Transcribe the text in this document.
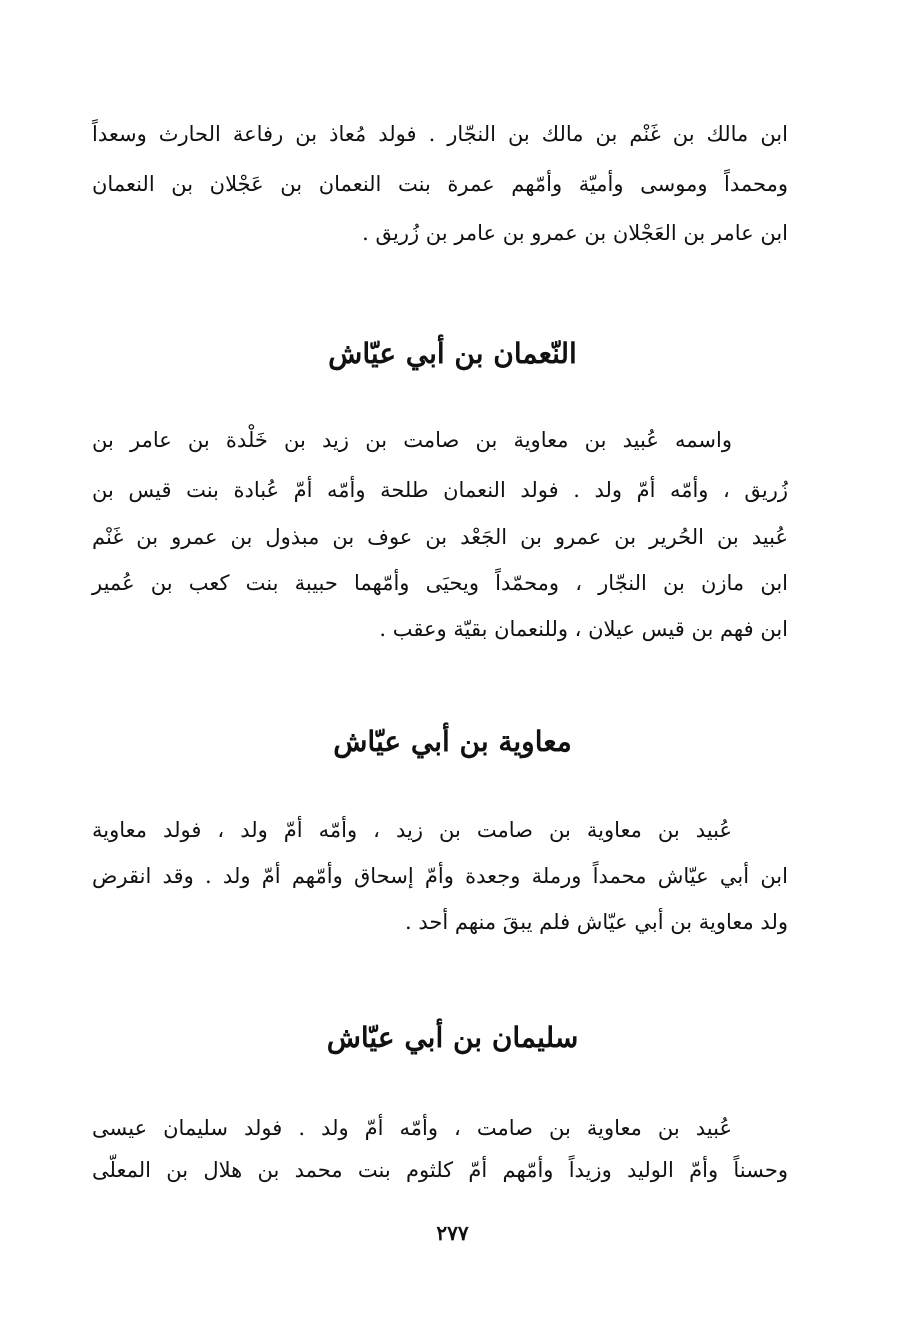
ابن مالك بن غَنْم بن مالك بن النجّار . فولد مُعاذ بن رفاعة الحارث وسعداً
ومحمداً وموسى وأميّة وأمّهم عمرة بنت النعمان بن عَجْلان بن النعمان
ابن عامر بن العَجْلان بن عمرو بن عامر بن زُريق .
النّعمان بن أبي عيّاش
واسمه عُبيد بن معاوية بن صامت بن زيد بن خَلْدة بن عامر بن
زُريق ، وأمّه أمّ ولد . فولد النعمان طلحة وأمّه أمّ عُبادة بنت قيس بن
عُبيد بن الحُرير بن عمرو بن الجَعْد بن عوف بن مبذول بن عمرو بن غَنْم
ابن مازن بن النجّار ، ومحمّداً ويحيَى وأمّهما حبيبة بنت كعب بن عُمير
ابن فهم بن قيس عيلان ، وللنعمان بقيّة وعقب .
معاوية بن أبي عيّاش
عُبيد بن معاوية بن صامت بن زيد ، وأمّه أمّ ولد ، فولد معاوية
ابن أبي عيّاش محمداً ورملة وجعدة وأمّ إسحاق وأمّهم أمّ ولد . وقد انقرض
ولد معاوية بن أبي عيّاش فلم يبقَ منهم أحد .
سليمان بن أبي عيّاش
عُبيد بن معاوية بن صامت ، وأمّه أمّ ولد . فولد سليمان عيسى
وحسناً وأمّ الوليد وزيداً وأمّهم أمّ كلثوم بنت محمد بن هلال بن المعلّى
٢٧٧
